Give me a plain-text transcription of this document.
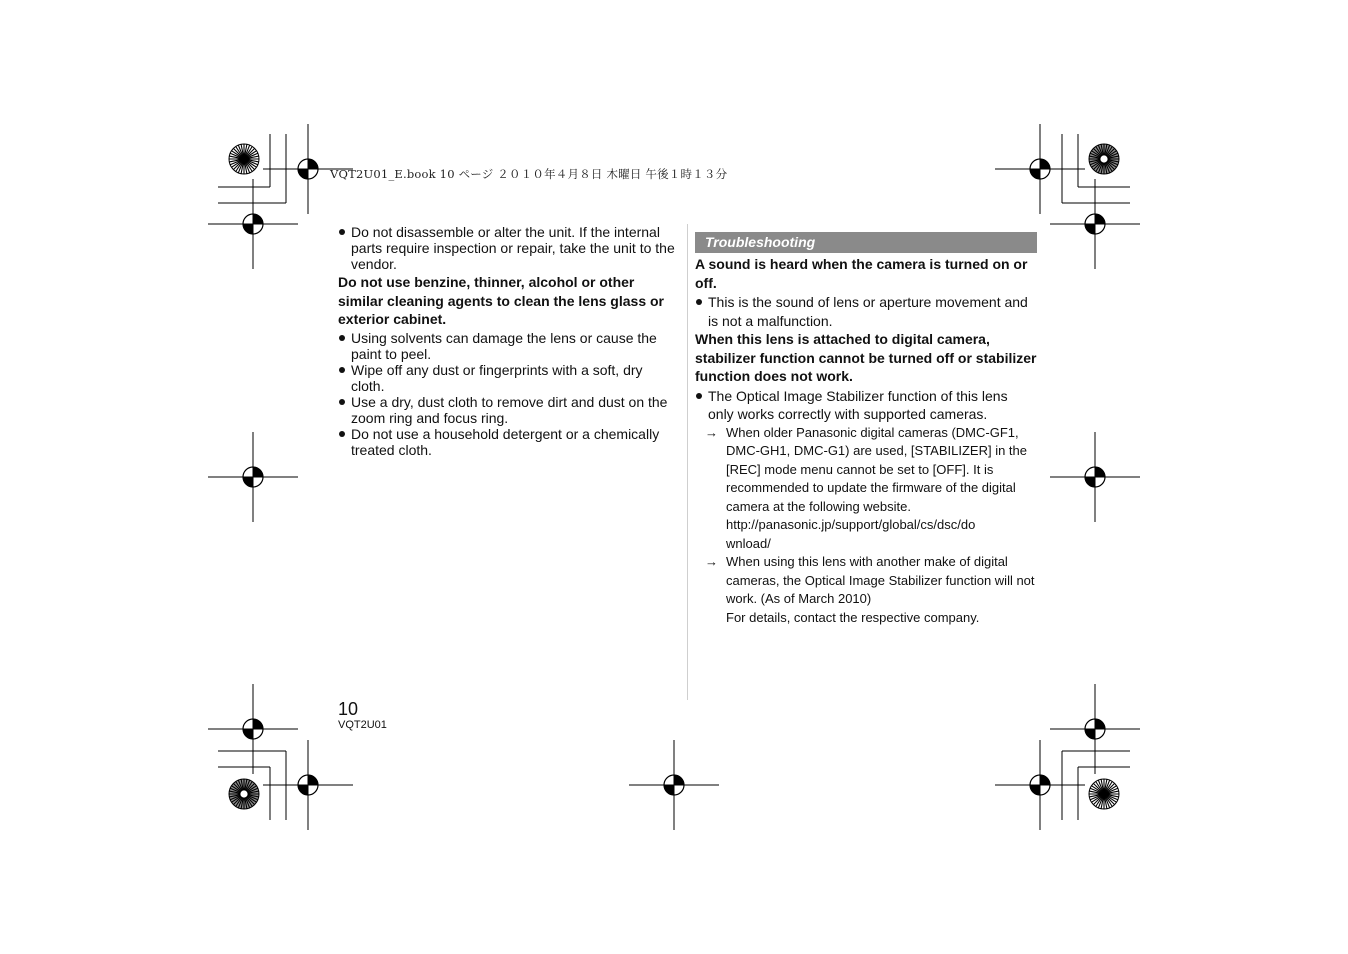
VQT2U01_E.book 10 ページ ２０１０年４月８日 木曜日 午後１時１３分

Do not disassemble or alter the unit. If the internal parts require inspection or repair, take the unit to the vendor.

Do not use benzine, thinner, alcohol or other similar cleaning agents to clean the lens glass or exterior cabinet.

Using solvents can damage the lens or cause the paint to peel.

Wipe off any dust or fingerprints with a soft, dry cloth.

Use a dry, dust cloth to remove dirt and dust on the zoom ring and focus ring.

Do not use a household detergent or a chemically treated cloth.

Troubleshooting

A sound is heard when the camera is turned on or off.

This is the sound of lens or aperture movement and is not a malfunction.

When this lens is attached to digital camera, stabilizer function cannot be turned off or stabilizer function does not work.

The Optical Image Stabilizer function of this lens only works correctly with supported cameras.

→ When older Panasonic digital cameras (DMC-GF1, DMC-GH1, DMC-G1) are used, [STABILIZER] in the [REC] mode menu cannot be set to [OFF]. It is recommended to update the firmware of the digital camera at the following website.
http://panasonic.jp/support/global/cs/dsc/download/
→ When using this lens with another make of digital cameras, the Optical Image Stabilizer function will not work. (As of March 2010)
For details, contact the respective company.
10
VQT2U01
